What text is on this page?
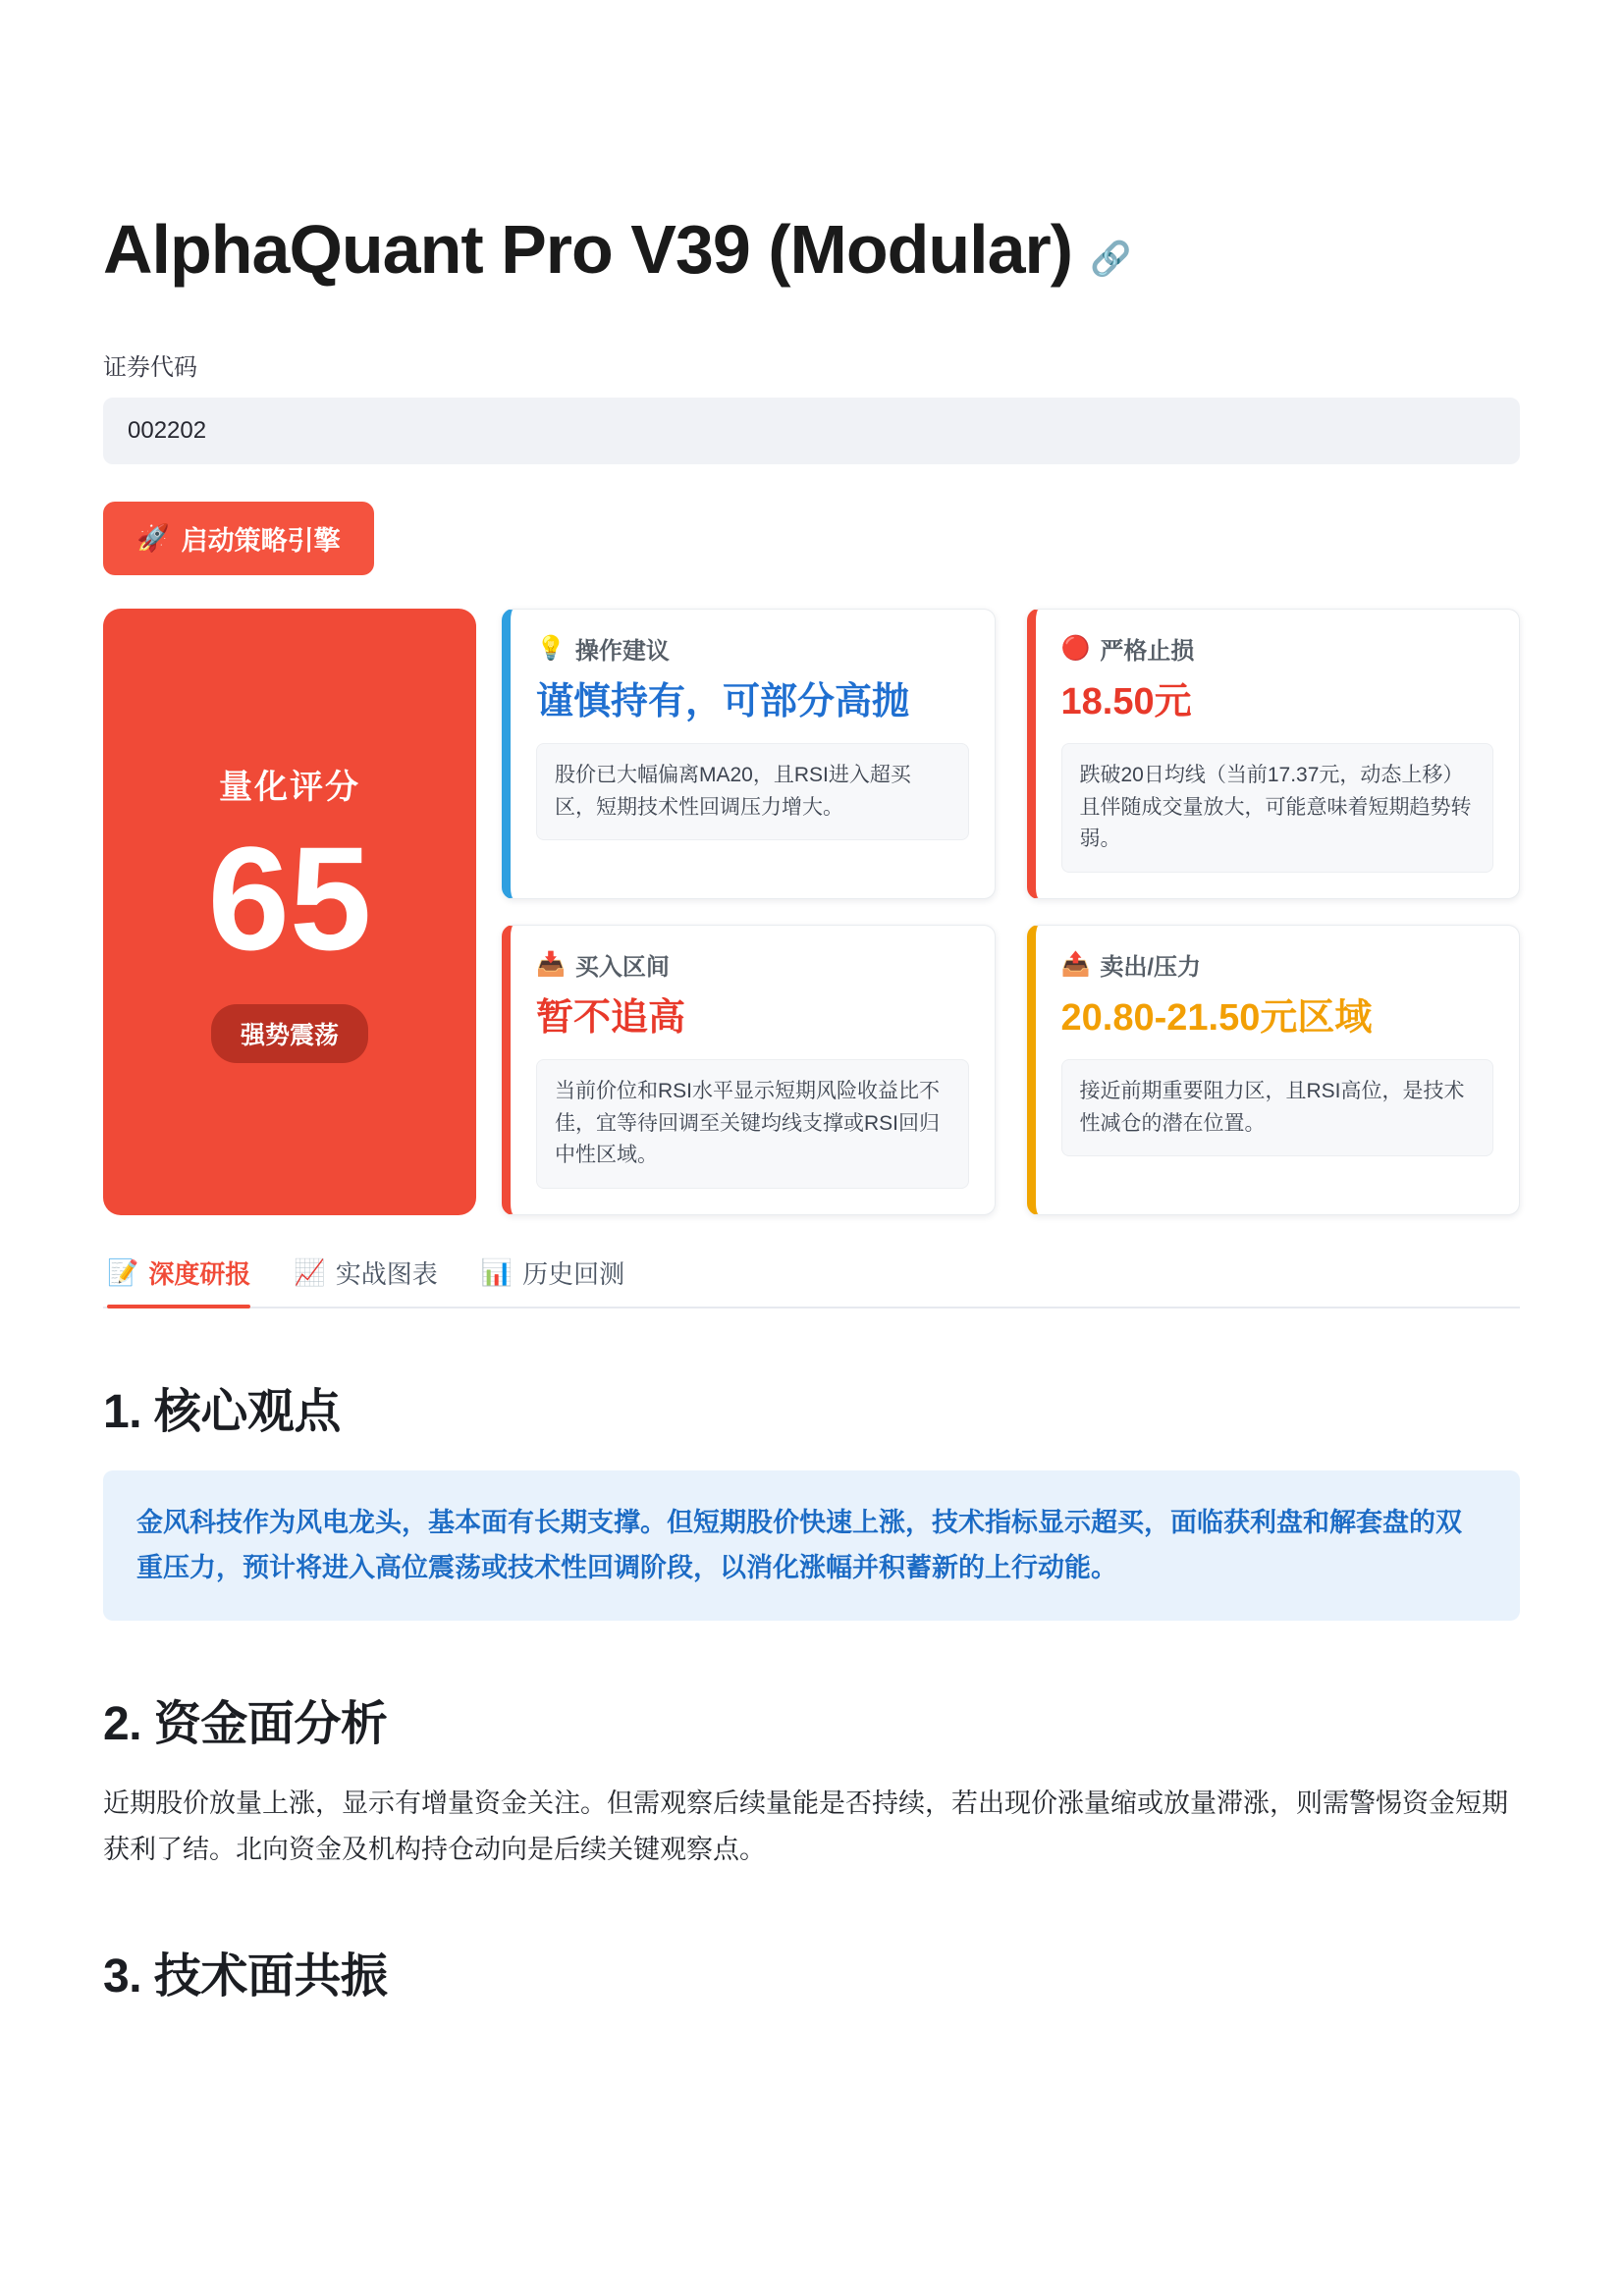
AlphaQuant Pro V39 (Modular) 🔗
证券代码
002202
🚀 启动策略引擎
量化评分
65
强势震荡
💡 操作建议
谨慎持有，可部分高抛
股价已大幅偏离MA20，且RSI进入超买区，短期技术性回调压力增大。
🔴 严格止损
18.50元
跌破20日均线（当前17.37元，动态上移）且伴随成交量放大，可能意味着短期趋势转弱。
📥 买入区间
暂不追高
当前价位和RSI水平显示短期风险收益比不佳，宜等待回调至关键均线支撑或RSI回归中性区域。
📤 卖出/压力
20.80-21.50元区域
接近前期重要阻力区，且RSI高位，是技术性减仓的潜在位置。
📝 深度研报 📈 实战图表 📊 历史回测
1. 核心观点
金风科技作为风电龙头，基本面有长期支撑。但短期股价快速上涨，技术指标显示超买，面临获利盘和解套盘的双重压力，预计将进入高位震荡或技术性回调阶段，以消化涨幅并积蓄新的上行动能。
2. 资金面分析

近期股价放量上涨，显示有增量资金关注。但需观察后续量能是否持续，若出现价涨量缩或放量滞涨，则需警惕资金短期获利了结。北向资金及机构持仓动向是后续关键观察点。

3. 技术面共振
